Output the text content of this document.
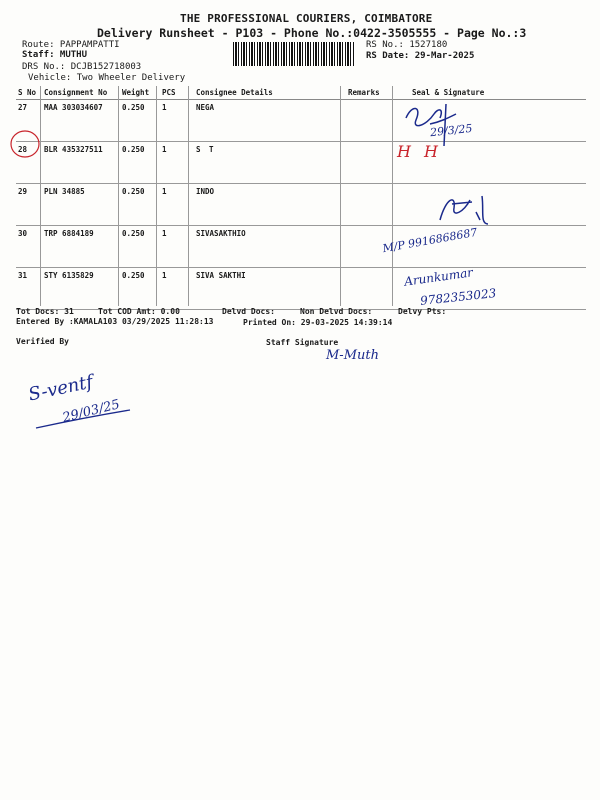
THE PROFESSIONAL COURIERS, COIMBATORE
Delivery Runsheet - P103 - Phone No.:0422-3505555 - Page No.:3
Route: PAPPAMPATTI
Staff: MUTHU
DRS No.: DCJB152718003
Vehicle: Two Wheeler Delivery
RS No.: 1527180
RS Date: 29-Mar-2025
S No	Consignment No	Weight	PCS	Consignee Details	Remarks	Seal & Signature
27	MAA 303034607	0.250	1	NEGA		
28	BLR 435327511	0.250	1	S T		
29	PLN 34885	0.250	1	INDO		
30	TRP 6884189	0.250	1	SIVASAKTHIO		
31	STY 6135829	0.250	1	SIVA SAKTHI		
Tot Docs: 31	Tot COD Amt: 0.00	Delvd Docs:	Non Delvd Docs:	Delvy Pts:
Entered By :KAMALA103 03/29/2025 11:28:13	Printed On: 29-03-2025 14:39:14
Verified By	Staff Signature
29/3/25
H H
M/P 9916868687
Arunkumar
9782353023
M-Muth
S-ventf
29/03/25
